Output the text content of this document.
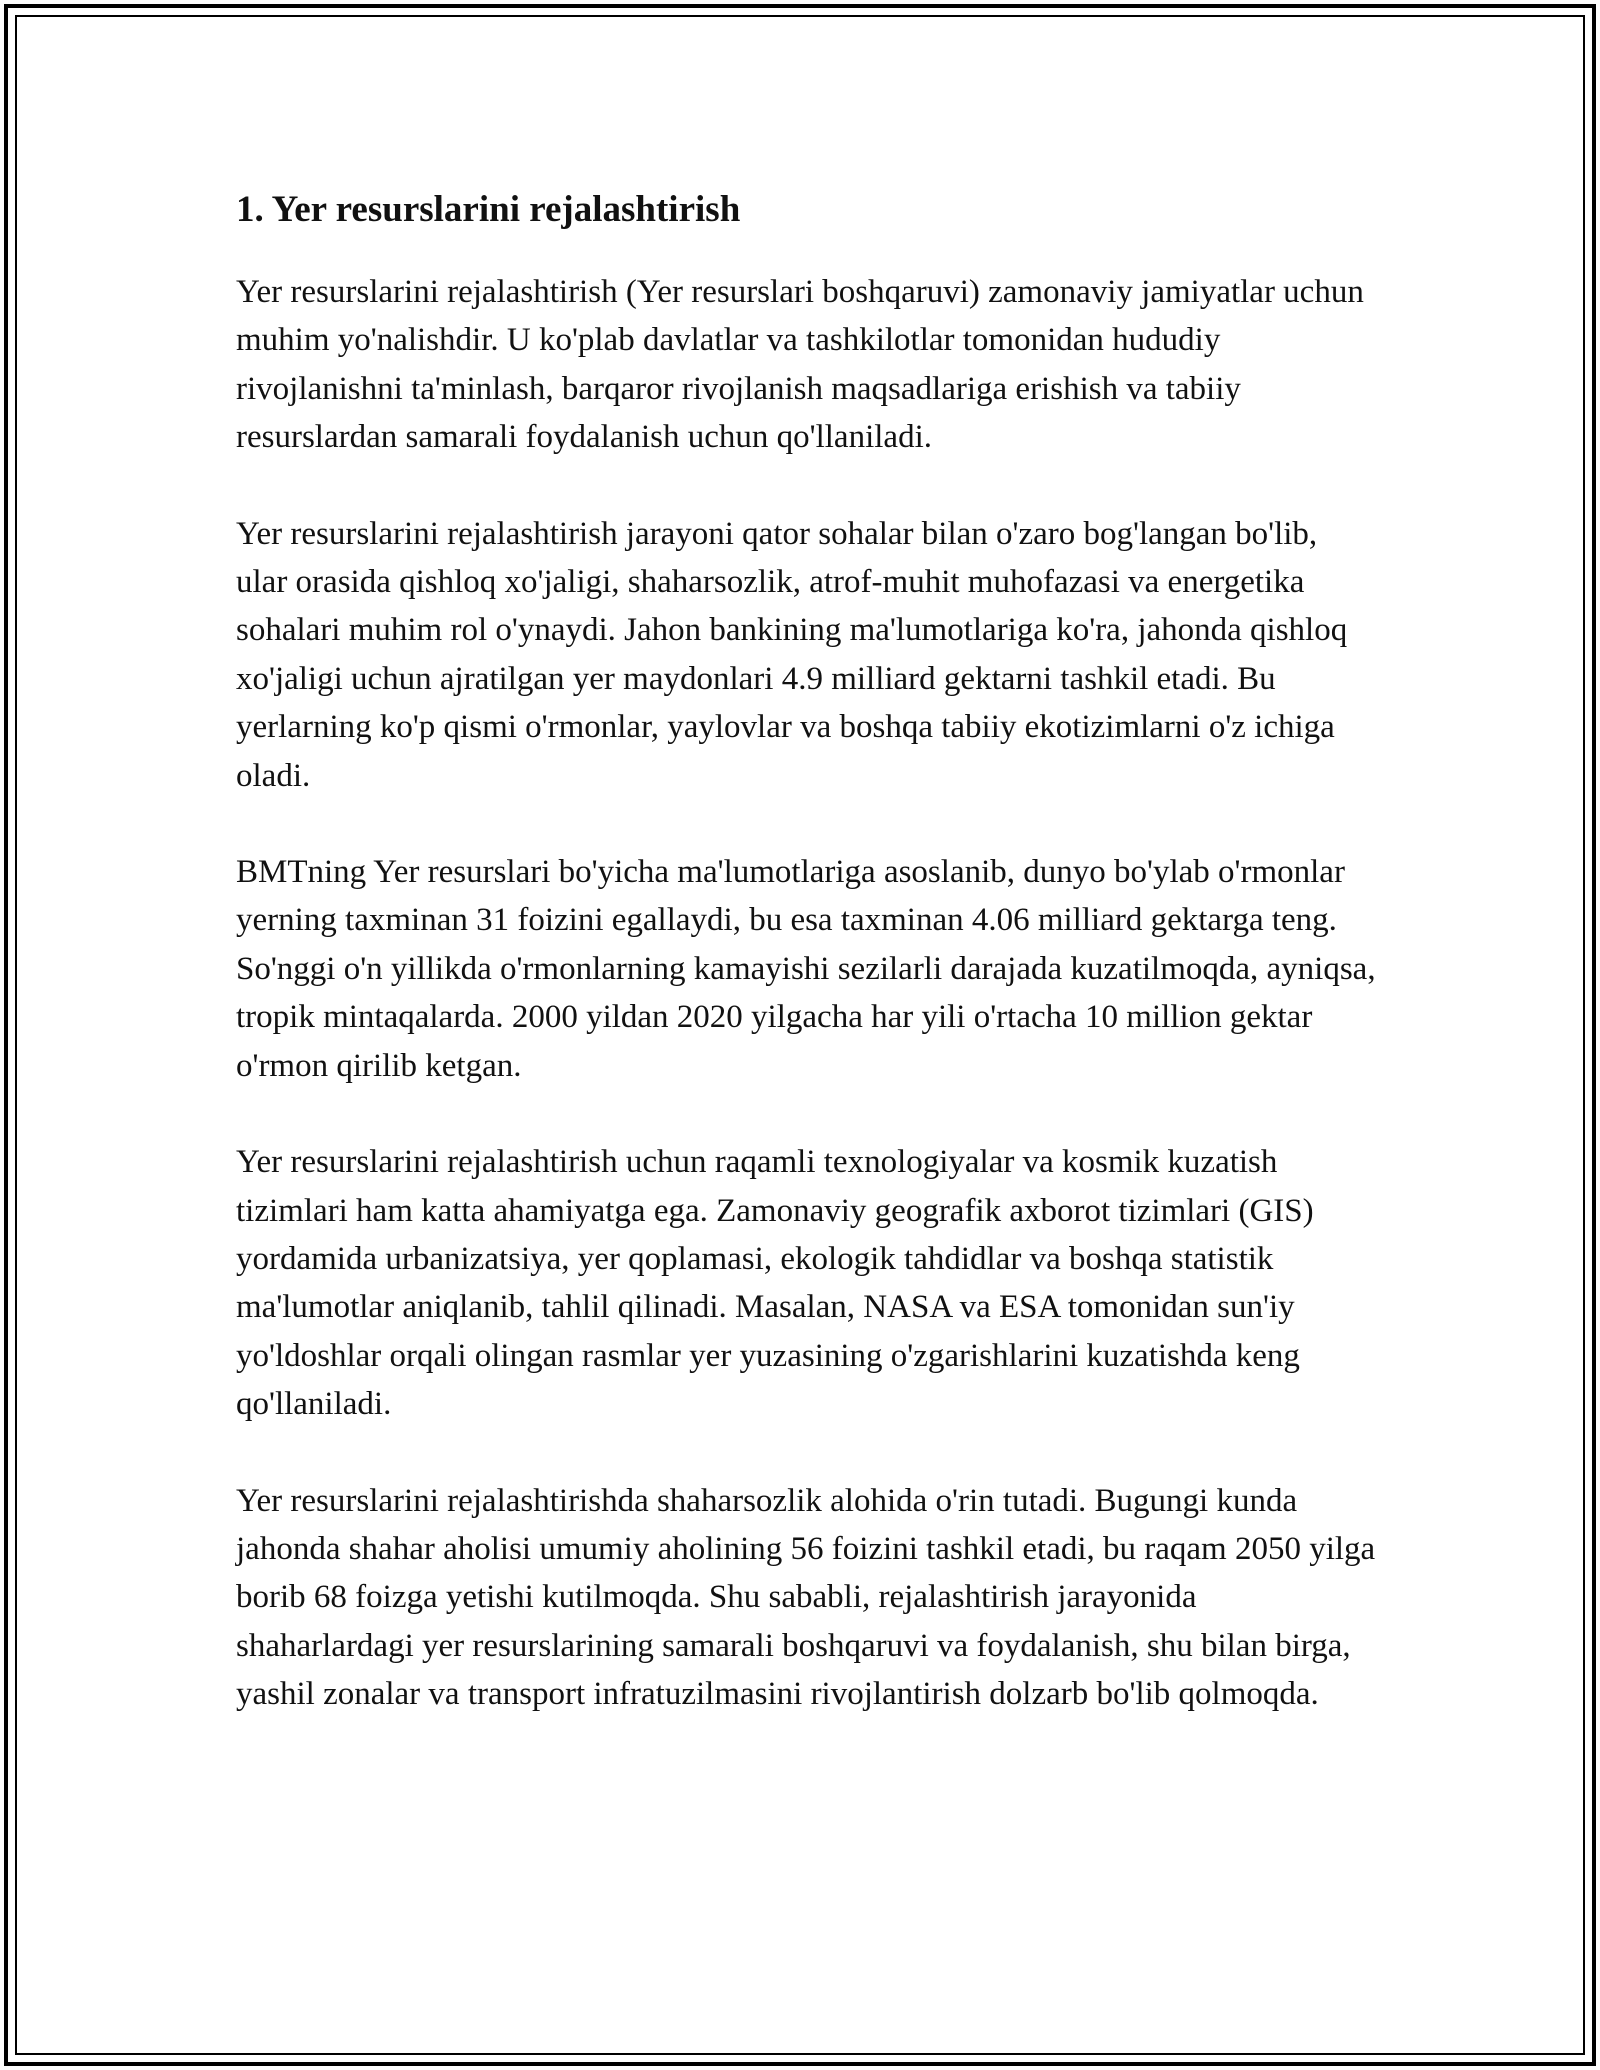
1. Yer resurslarini rejalashtirish

Yer resurslarini rejalashtirish (Yer resurslari boshqaruvi) zamonaviy jamiyatlar uchun muhim yo'nalishdir. U ko'plab davlatlar va tashkilotlar tomonidan hududiy rivojlanishni ta'minlash, barqaror rivojlanish maqsadlariga erishish va tabiiy resurslardan samarali foydalanish uchun qo'llaniladi.

Yer resurslarini rejalashtirish jarayoni qator sohalar bilan o'zaro bog'langan bo'lib, ular orasida qishloq xo'jaligi, shaharsozlik, atrof-muhit muhofazasi va energetika sohalari muhim rol o'ynaydi. Jahon bankining ma'lumotlariga ko'ra, jahonda qishloq xo'jaligi uchun ajratilgan yer maydonlari 4.9 milliard gektarni tashkil etadi. Bu yerlarning ko'p qismi o'rmonlar, yaylovlar va boshqa tabiiy ekotizimlarni o'z ichiga oladi.

BMTning Yer resurslari bo'yicha ma'lumotlariga asoslanib, dunyo bo'ylab o'rmonlar yerning taxminan 31 foizini egallaydi, bu esa taxminan 4.06 milliard gektarga teng. So'nggi o'n yillikda o'rmonlarning kamayishi sezilarli darajada kuzatilmoqda, ayniqsa, tropik mintaqalarda. 2000 yildan 2020 yilgacha har yili o'rtacha 10 million gektar o'rmon qirilib ketgan.

Yer resurslarini rejalashtirish uchun raqamli texnologiyalar va kosmik kuzatish tizimlari ham katta ahamiyatga ega. Zamonaviy geografik axborot tizimlari (GIS) yordamida urbanizatsiya, yer qoplamasi, ekologik tahdidlar va boshqa statistik ma'lumotlar aniqlanib, tahlil qilinadi. Masalan, NASA va ESA tomonidan sun'iy yo'ldoshlar orqali olingan rasmlar yer yuzasining o'zgarishlarini kuzatishda keng qo'llaniladi.

Yer resurslarini rejalashtirishda shaharsozlik alohida o'rin tutadi. Bugungi kunda jahonda shahar aholisi umumiy aholining 56 foizini tashkil etadi, bu raqam 2050 yilga borib 68 foizga yetishi kutilmoqda. Shu sababli, rejalashtirish jarayonida shaharlardagi yer resurslarining samarali boshqaruvi va foydalanish, shu bilan birga, yashil zonalar va transport infratuzilmasini rivojlantirish dolzarb bo'lib qolmoqda.
